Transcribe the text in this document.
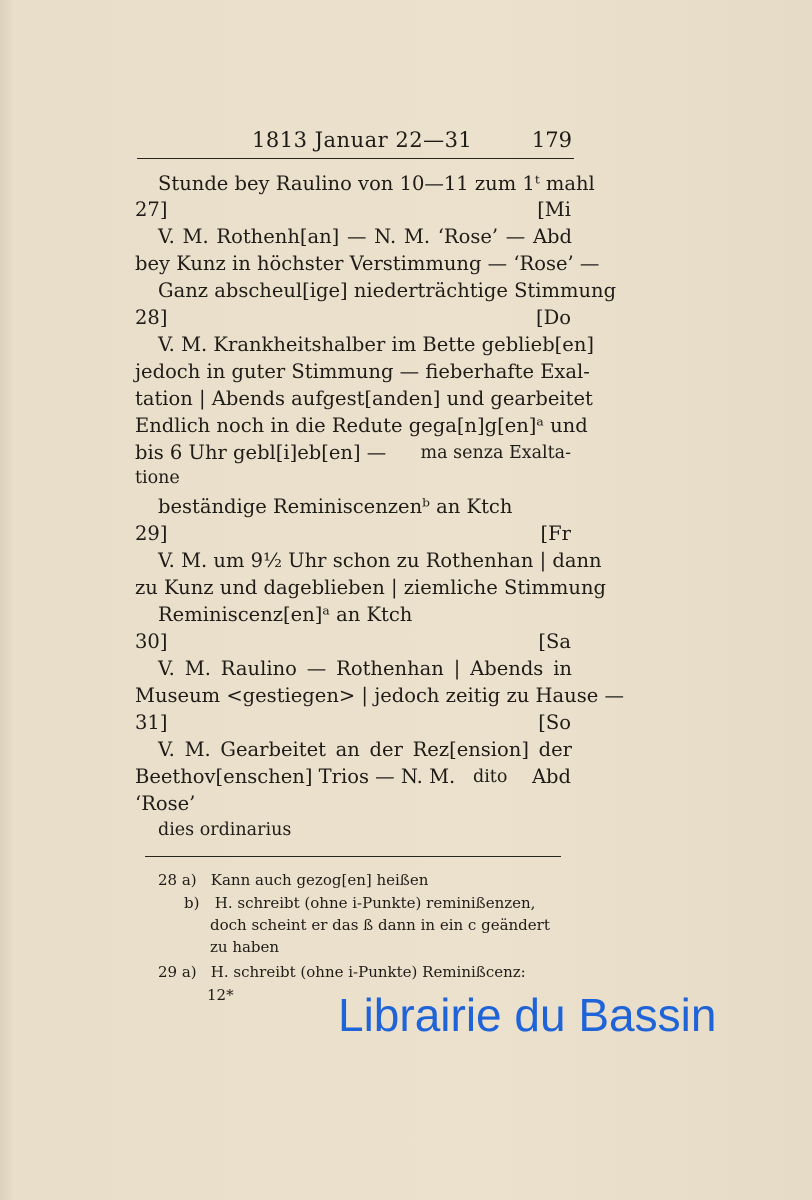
1813 Januar 22—31	179
Stunde bey Raulino von 10—11 zum 1ᵗ mahl
27]	[Mi
V. M. Rothenh[an] — N. M. ‘Rose’ — Abd
bey Kunz in höchster Verstimmung — ‘Rose’ —
Ganz abscheul[ige] niederträchtige Stimmung
28]	[Do
V. M. Krankheitshalber im Bette geblieb[en]
jedoch in guter Stimmung — fieberhafte Exal-
tation | Abends aufgest[anden] und gearbeitet
Endlich noch in die Redute gega[n]g[en]ᵃ und
bis 6 Uhr gebl[i]eb[en] — ma senza Exalta-
tione
beständige Reminiscenzenᵇ an Ktch
29]	[Fr
V. M. um 9½ Uhr schon zu Rothenhan | dann
zu Kunz und dageblieben | ziemliche Stimmung
Reminiscenz[en]ᵃ an Ktch
30]	[Sa
V. M. Raulino — Rothenhan | Abends in
Museum <gestiegen> | jedoch zeitig zu Hause —
31]	[So
V. M. Gearbeitet an der Rez[ension] der
Beethov[enschen] Trios — N. M. dito Abd
‘Rose’
dies ordinarius
28 a) Kann auch gezog[en] heißen
b) H. schreibt (ohne i-Punkte) reminißenzen,
doch scheint er das ß dann in ein c geändert
zu haben
29 a) H. schreibt (ohne i-Punkte) Reminißcenz:
12* Librairie du Bassin
